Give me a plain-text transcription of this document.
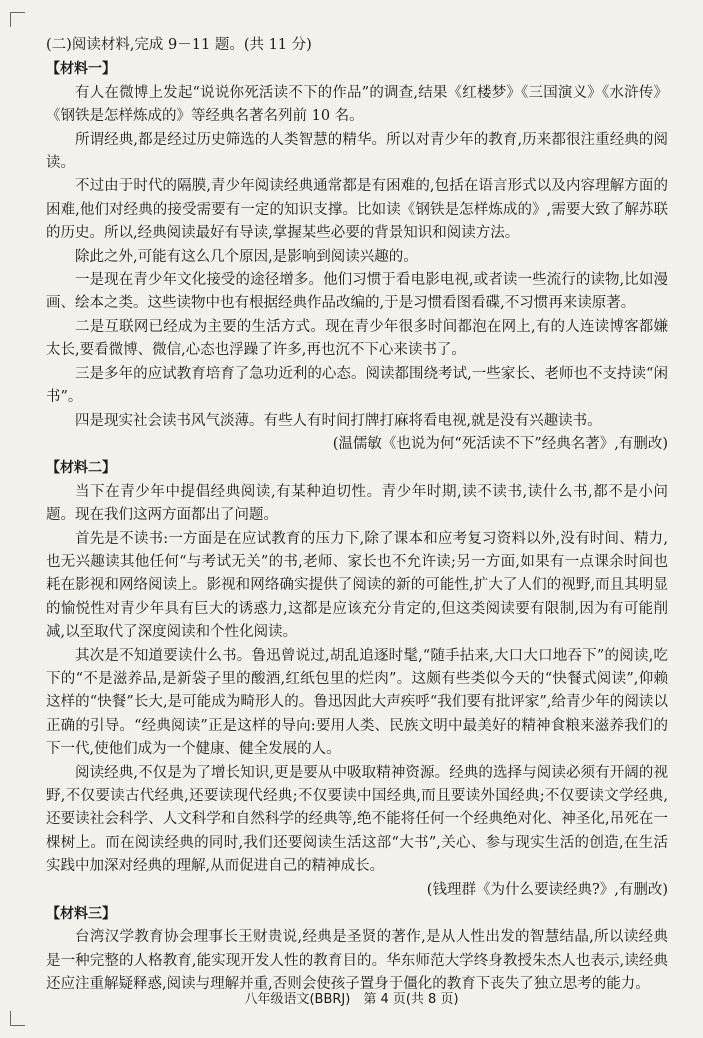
(二)阅读材料,完成 9－11 题。(共 11 分)
【材料一】

有人在微博上发起“说说你死活读不下的作品”的调查,结果《红楼梦》《三国演义》《水浒传》《钢铁是怎样炼成的》等经典名著名列前 10 名。

所谓经典,都是经过历史筛选的人类智慧的精华。所以对青少年的教育,历来都很注重经典的阅读。

不过由于时代的隔膜,青少年阅读经典通常都是有困难的,包括在语言形式以及内容理解方面的困难,他们对经典的接受需要有一定的知识支撑。比如读《钢铁是怎样炼成的》,需要大致了解苏联的历史。所以,经典阅读最好有导读,掌握某些必要的背景知识和阅读方法。

除此之外,可能有这么几个原因,是影响到阅读兴趣的。

一是现在青少年文化接受的途径增多。他们习惯于看电影电视,或者读一些流行的读物,比如漫画、绘本之类。这些读物中也有根据经典作品改编的,于是习惯看图看碟,不习惯再来读原著。

二是互联网已经成为主要的生活方式。现在青少年很多时间都泡在网上,有的人连读博客都嫌太长,要看微博、微信,心态也浮躁了许多,再也沉不下心来读书了。

三是多年的应试教育培育了急功近利的心态。阅读都围绕考试,一些家长、老师也不支持读“闲书”。

四是现实社会读书风气淡薄。有些人有时间打牌打麻将看电视,就是没有兴趣读书。

(温儒敏《也说为何“死活读不下”经典名著》,有删改)

【材料二】

当下在青少年中提倡经典阅读,有某种迫切性。青少年时期,读不读书,读什么书,都不是小问题。现在我们这两方面都出了问题。

首先是不读书:一方面是在应试教育的压力下,除了课本和应考复习资料以外,没有时间、精力,也无兴趣读其他任何“与考试无关”的书,老师、家长也不允许读;另一方面,如果有一点课余时间也耗在影视和网络阅读上。影视和网络确实提供了阅读的新的可能性,扩大了人们的视野,而且其明显的愉悦性对青少年具有巨大的诱惑力,这都是应该充分肯定的,但这类阅读要有限制,因为有可能削减,以至取代了深度阅读和个性化阅读。

其次是不知道要读什么书。鲁迅曾说过,胡乱追逐时髦,“随手拈来,大口大口地吞下”的阅读,吃下的“不是滋养品,是新袋子里的酸酒,红纸包里的烂肉”。这颇有些类似今天的“快餐式阅读”,仰赖这样的“快餐”长大,是可能成为畸形人的。鲁迅因此大声疾呼“我们要有批评家”,给青少年的阅读以正确的引导。“经典阅读”正是这样的导向:要用人类、民族文明中最美好的精神食粮来滋养我们的下一代,使他们成为一个健康、健全发展的人。

阅读经典,不仅是为了增长知识,更是要从中吸取精神资源。经典的选择与阅读必须有开阔的视野,不仅要读古代经典,还要读现代经典;不仅要读中国经典,而且要读外国经典;不仅要读文学经典,还要读社会科学、人文科学和自然科学的经典等,绝不能将任何一个经典绝对化、神圣化,吊死在一棵树上。而在阅读经典的同时,我们还要阅读生活这部“大书”,关心、参与现实生活的创造,在生活实践中加深对经典的理解,从而促进自己的精神成长。

(钱理群《为什么要读经典?》,有删改)

【材料三】

台湾汉学教育协会理事长王财贵说,经典是圣贤的著作,是从人性出发的智慧结晶,所以读经典是一种完整的人格教育,能实现开发人性的教育目的。华东师范大学终身教授朱杰人也表示,读经典还应注重解疑释惑,阅读与理解并重,否则会使孩子置身于僵化的教育下丧失了独立思考的能力。

八年级语文(BBRJ)　第 4 页(共 8 页)
